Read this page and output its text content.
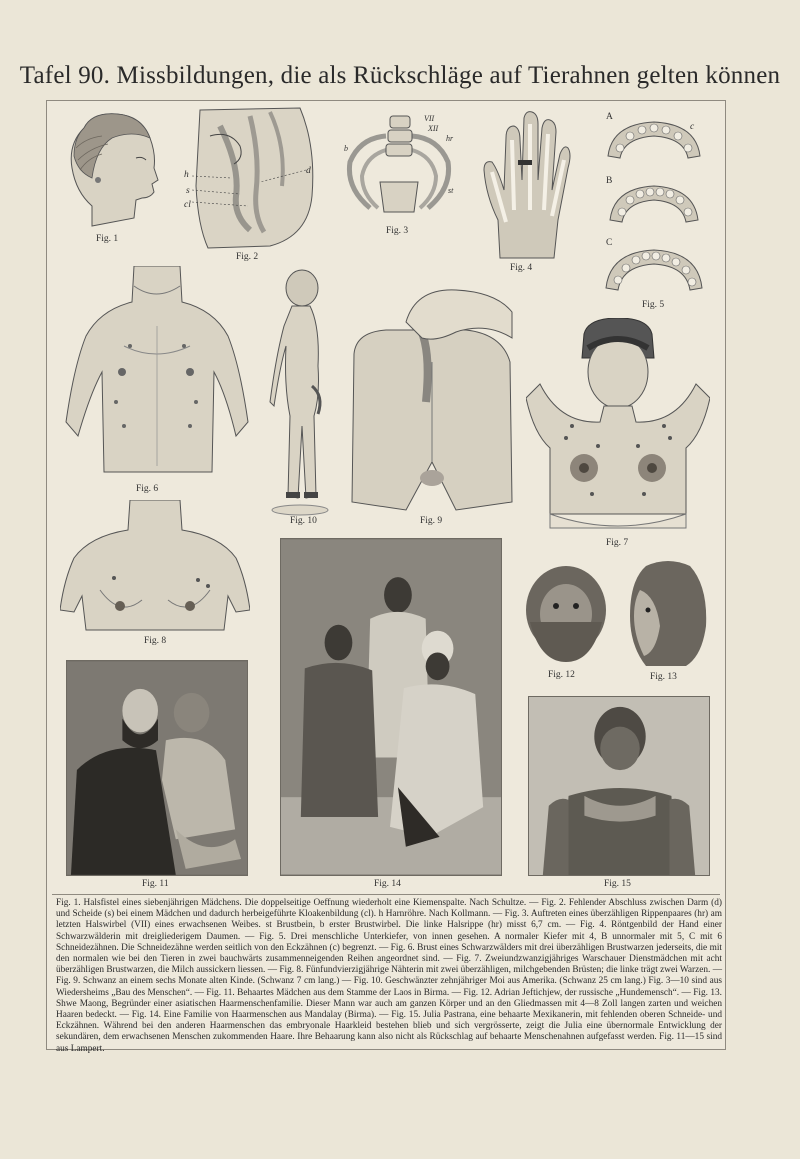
Tafel 90. Missbildungen, die als Rückschläge auf Tierahnen gelten können
Fig. 1
h
s
cl
d
Fig. 2
VII
XII
hr
b
st
Fig. 3
Fig. 4
A
B
C
c
Fig. 5
Fig. 6
Fig. 10	Fig. 9
Fig. 7
Fig. 8
Fig. 14
Fig. 12	Fig. 13
Fig. 11	Fig. 15
Fig. 1. Halsfistel eines siebenjährigen Mädchens. Die doppelseitige Oeffnung wiederholt eine Kiemenspalte. Nach Schultze. — Fig. 2. Fehlender Abschluss zwischen Darm (d) und Scheide (s) bei einem Mädchen und dadurch herbeigeführte Kloakenbildung (cl). h Harnröhre. Nach Kollmann. — Fig. 3. Auftreten eines überzähligen Rippenpaares (hr) am letzten Halswirbel (VII) eines erwachsenen Weibes. st Brustbein, b erster Brustwirbel. Die linke Halsrippe (hr) misst 6,7 cm. — Fig. 4. Röntgenbild der Hand einer Schwarzwälderin mit dreigliederigem Daumen. — Fig. 5. Drei menschliche Unterkiefer, von innen gesehen. A normaler Kiefer mit 4, B unnormaler mit 5, C mit 6 Schneidezähnen. Die Schneidezähne werden seitlich von den Eckzähnen (c) begrenzt. — Fig. 6. Brust eines Schwarzwälders mit drei überzähligen Brustwarzen jederseits, die mit den normalen wie bei den Tieren in zwei bauchwärts zusammenneigenden Reihen angeordnet sind. — Fig. 7. Zweiundzwanzigjähriges Warschauer Dienstmädchen mit acht überzähligen Brustwarzen, die Milch aussickern liessen. — Fig. 8. Fünfundvierzigjährige Nähterin mit zwei überzähligen, milchgebenden Brüsten; die linke trägt zwei Warzen. — Fig. 9. Schwanz an einem sechs Monate alten Kinde. (Schwanz 7 cm lang.) — Fig. 10. Geschwänzter zehnjähriger Moi aus Amerika. (Schwanz 25 cm lang.) Fig. 3—10 sind aus Wiedersheims „Bau des Menschen“. — Fig. 11. Behaartes Mädchen aus dem Stamme der Laos in Birma. — Fig. 12. Adrian Jeftichjew, der russische „Hundemensch“. — Fig. 13. Shwe Maong, Begründer einer asiatischen Haarmenschenfamilie. Dieser Mann war auch am ganzen Körper und an den Gliedmassen mit 4—8 Zoll langen zarten und weichen Haaren bedeckt. — Fig. 14. Eine Familie von Haarmenschen aus Mandalay (Birma). — Fig. 15. Julia Pastrana, eine behaarte Mexikanerin, mit fehlenden oberen Schneide- und Eckzähnen. Während bei den anderen Haarmenschen das embryonale Haarkleid bestehen blieb und sich vergrösserte, zeigt die Julia eine übernormale Entwicklung der sekundären, dem erwachsenen Menschen zukommenden Haare. Ihre Behaarung kann also nicht als Rückschlag auf behaarte Menschenahnen aufgefasst werden. Fig. 11—15 sind aus Lampert.
